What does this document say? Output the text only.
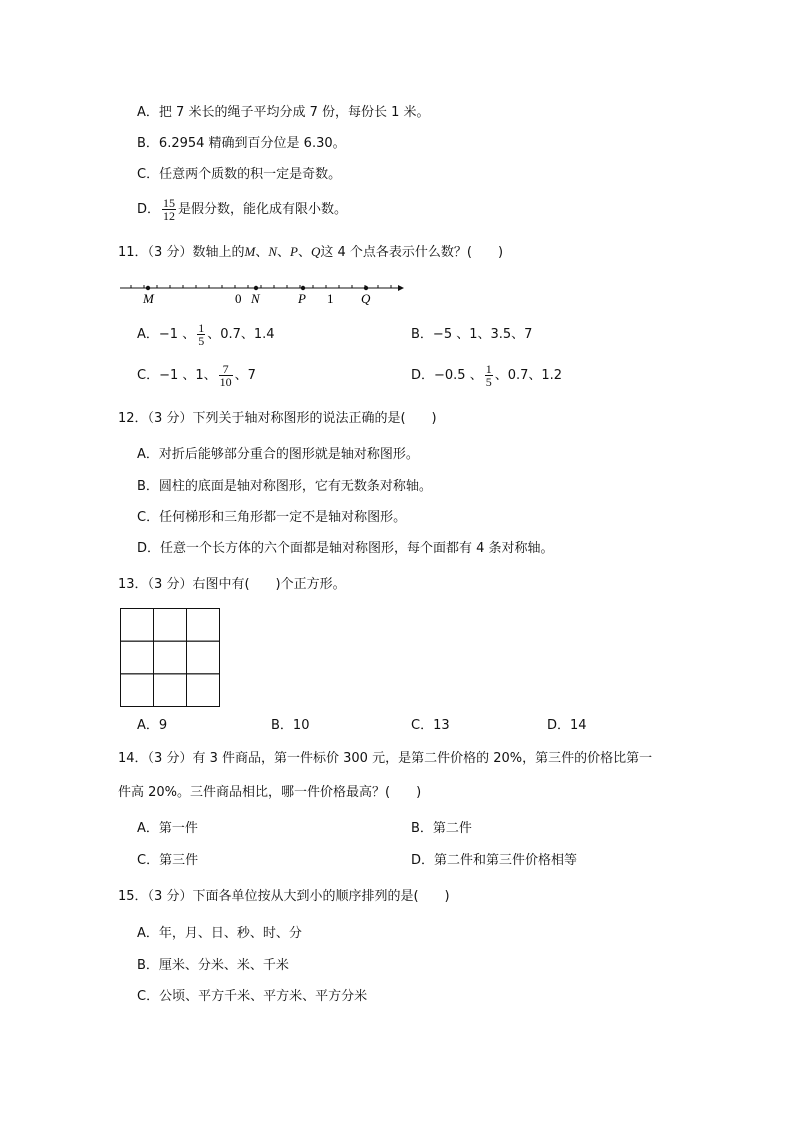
A．把 7 米长的绳子平均分成 7 份，每份长 1 米。
B．6.2954 精确到百分位是 6.30。
C．任意两个质数的积一定是奇数。
D． $\frac{15}{12}$ 是假分数，能化成有限小数。
11．（3 分）数轴上的M、N、P、Q这 4 个点各表示什么数？(　　)
M	0 N	P 1 Q
A．−1 、 $\frac{1}{5}$ 、0.7、1.4	B．−5 、1、3.5、7
C．−1 、1、 $\frac{7}{10}$ 、7	D．−0.5 、 $\frac{1}{5}$ 、0.7、1.2
12．（3 分）下列关于轴对称图形的说法正确的是(　　)
A．对折后能够部分重合的图形就是轴对称图形。
B．圆柱的底面是轴对称图形，它有无数条对称轴。
C．任何梯形和三角形都一定不是轴对称图形。
D．任意一个长方体的六个面都是轴对称图形，每个面都有 4 条对称轴。
13．（3 分）右图中有(　　)个正方形。
A．9	B．10	C．13	D．14
14．（3 分）有 3 件商品，第一件标价 300 元，是第二件价格的 20%，第三件的价格比第一
件高 20%。三件商品相比，哪一件价格最高？(　　)
A．第一件	B．第二件
C．第三件	D．第二件和第三件价格相等
15．（3 分）下面各单位按从大到小的顺序排列的是(　　)
A．年，月、日、秒、时、分
B．厘米、分米、米、千米
C．公顷、平方千米、平方米、平方分米
